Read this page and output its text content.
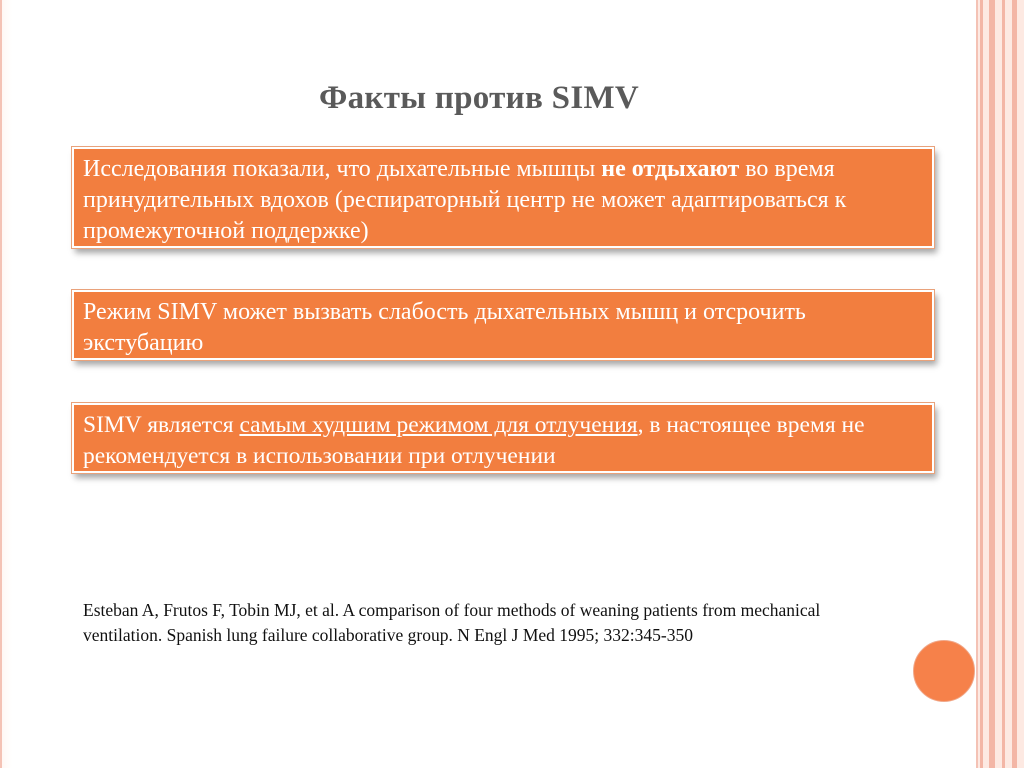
Факты против SIMV
Исследования показали, что дыхательные мышцы не отдыхают во время принудительных вдохов (респираторный центр не может адаптироваться к промежуточной поддержке)
Режим SIMV может вызвать слабость дыхательных мышц и отсрочить экстубацию
SIMV является самым худшим режимом для отлучения, в настоящее время не рекомендуется в использовании при отлучении
Esteban A, Frutos F, Tobin MJ, et al. A comparison of four methods of weaning patients from mechanical ventilation. Spanish lung failure collaborative group. N Engl J Med 1995; 332:345-350
